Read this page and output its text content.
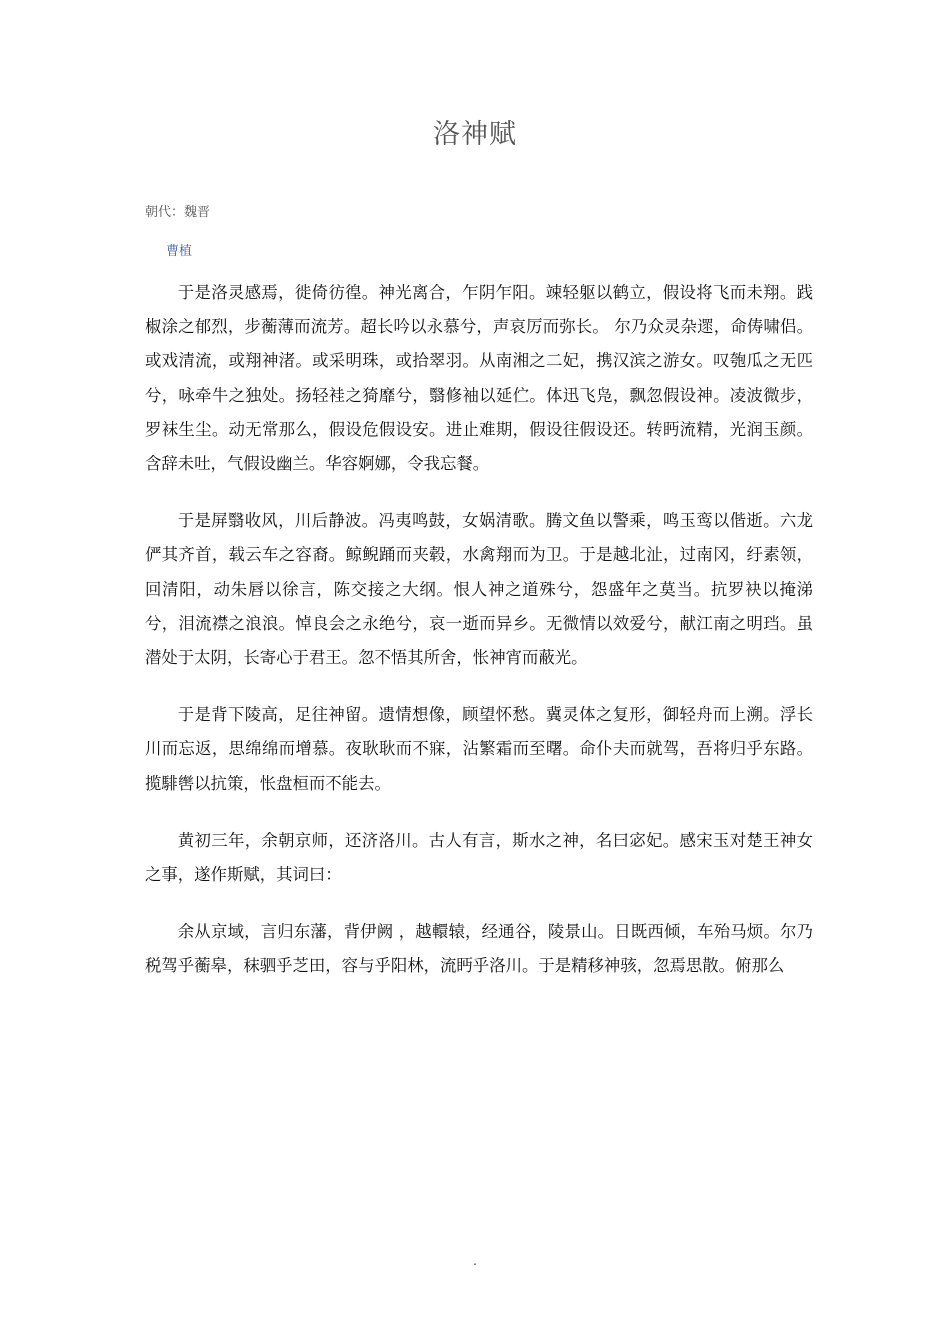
洛神赋
朝代：魏晋
曹植

于是洛灵感焉，徙倚彷徨。神光离合，乍阴乍阳。竦轻躯以鹤立，假设将飞而未翔。践椒涂之郁烈，步蘅薄而流芳。超长吟以永慕兮，声哀厉而弥长。 尔乃众灵杂遝，命俦啸侣。或戏清流，或翔神渚。或采明珠，或拾翠羽。从南湘之二妃，携汉滨之游女。叹匏瓜之无匹兮，咏牵牛之独处。扬轻袿之猗靡兮，翳修袖以延伫。体迅飞凫，飘忽假设神。凌波微步，罗袜生尘。动无常那么，假设危假设安。进止难期，假设往假设还。转眄流精，光润玉颜。含辞未吐，气假设幽兰。华容婀娜，令我忘餐。

于是屏翳收风，川后静波。冯夷鸣鼓，女娲清歌。腾文鱼以警乘，鸣玉鸾以偕逝。六龙俨其齐首，载云车之容裔。鲸鲵踊而夹毂，水禽翔而为卫。于是越北沚，过南冈，纡素领，回清阳，动朱唇以徐言，陈交接之大纲。恨人神之道殊兮，怨盛年之莫当。抗罗袂以掩涕兮，泪流襟之浪浪。悼良会之永绝兮，哀一逝而异乡。无微情以效爱兮，献江南之明珰。虽潜处于太阴，长寄心于君王。忽不悟其所舍，怅神宵而蔽光。

于是背下陵高，足往神留。遗情想像，顾望怀愁。冀灵体之复形，御轻舟而上溯。浮长川而忘返，思绵绵而增慕。夜耿耿而不寐，沾繁霜而至曙。命仆夫而就驾，吾将归乎东路。揽騑辔以抗策，怅盘桓而不能去。

黄初三年，余朝京师，还济洛川。古人有言，斯水之神，名曰宓妃。感宋玉对楚王神女之事，遂作斯赋，其词曰：

余从京域，言归东藩，背伊阙 ，越轘辕，经通谷，陵景山。日既西倾，车殆马烦。尔乃税驾乎蘅皋，秣驷乎芝田，容与乎阳林，流眄乎洛川。于是精移神骇，忽焉思散。俯那么

.
